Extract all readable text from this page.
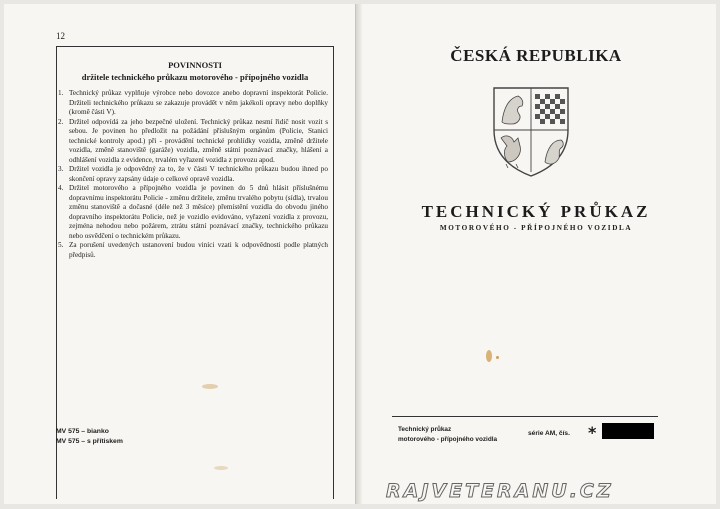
12
POVINNOSTI
držitele technického průkazu motorového - přípojného vozidla
1. Technický průkaz vyplňuje výrobce nebo dovozce anebo dopravní inspektorát Policie. Držiteli technického průkazu se zakazuje provádět v něm jakékoli opravy nebo doplňky (kromě části V).
2. Držitel odpovídá za jeho bezpečné uložení. Technický průkaz nesmí řidič nosit vozit s sebou. Je povinen ho předložit na požádání příslušným orgánům (Policie, Stanici technické kontroly apod.) při - provádění technické prohlídky vozidla, změně držitele vozidla, změně stanoviště (garáže) vozidla, změně státní poznávací značky, hlášení a odhlášení vozidla z evidence, trvalém vyřazení vozidla z provozu apod.
3. Držitel vozidla je odpovědný za to, že v části V technického průkazu budou ihned po skončení opravy zapsány údaje o celkové opravě vozidla.
4. Držitel motorového a přípojného vozidla je povinen do 5 dnů hlásit příslušnému dopravnímu inspektorátu Policie - změnu držitele, změnu trvalého pobytu (sídla), trvalou změnu stanoviště a dočasné (déle než 3 měsíce) přemístění vozidla do obvodu jiného dopravního inspektorátu Policie, než je vozidlo evidováno, vyřazení vozidla z provozu, zejména nehodou nebo požárem, ztrátu státní poznávací značky, technického průkazu nebo osvědčení o technickém průkazu.
5. Za porušení uvedených ustanovení budou viníci vzati k odpovědnosti podle platných předpisů.
MV 575 – bianko
MV 575 – s přítiskem
ČESKÁ REPUBLIKA
TECHNICKÝ PRŮKAZ
MOTOROVÉHO - PŘÍPOJNÉHO VOZIDLA
Technický průkaz
motorového - přípojného vozidla
série AM, čís. *
RAJVETERANU.CZ
